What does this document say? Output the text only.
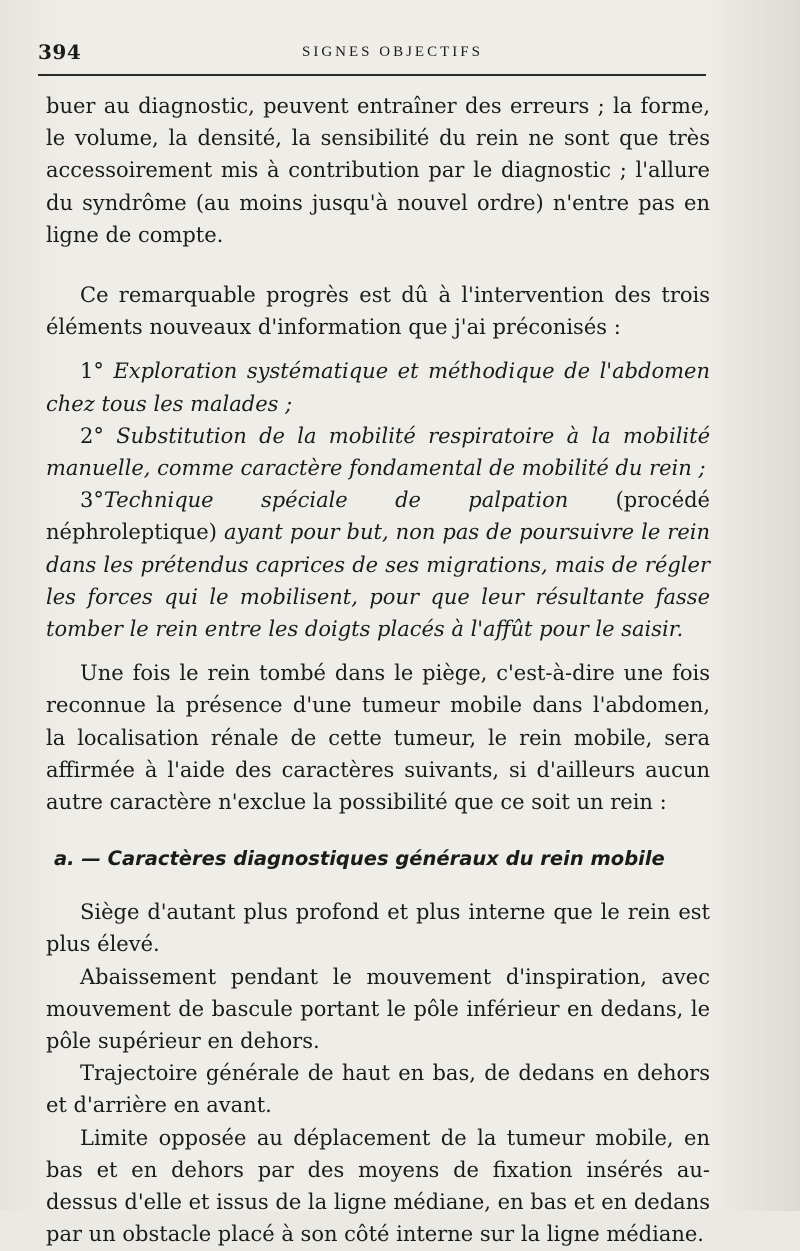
394	SIGNES OBJECTIFS

buer au diagnostic, peuvent entraîner des erreurs ; la forme, le volume, la densité, la sensibilité du rein ne sont que très accessoirement mis à contribution par le diagnostic ; l'allure du syndrôme (au moins jusqu'à nouvel ordre) n'entre pas en ligne de compte.

Ce remarquable progrès est dû à l'intervention des trois éléments nouveaux d'information que j'ai préconisés :

1° Exploration systématique et méthodique de l'abdomen chez tous les malades ;

2° Substitution de la mobilité respiratoire à la mobilité manuelle, comme caractère fondamental de mobilité du rein ;

3°Technique spéciale de palpation (procédé néphroleptique) ayant pour but, non pas de poursuivre le rein dans les prétendus caprices de ses migrations, mais de régler les forces qui le mobilisent, pour que leur résultante fasse tomber le rein entre les doigts placés à l'affût pour le saisir.

Une fois le rein tombé dans le piège, c'est-à-dire une fois reconnue la présence d'une tumeur mobile dans l'abdomen, la localisation rénale de cette tumeur, le rein mobile, sera affirmée à l'aide des caractères suivants, si d'ailleurs aucun autre caractère n'exclue la possibilité que ce soit un rein :

a. — Caractères diagnostiques généraux du rein mobile

Siège d'autant plus profond et plus interne que le rein est plus élevé.

Abaissement pendant le mouvement d'inspiration, avec mouvement de bascule portant le pôle inférieur en dedans, le pôle supérieur en dehors.

Trajectoire générale de haut en bas, de dedans en dehors et d'arrière en avant.

Limite opposée au déplacement de la tumeur mobile, en bas et en dehors par des moyens de fixation insérés au-dessus d'elle et issus de la ligne médiane, en bas et en dedans par un obstacle placé à son côté interne sur la ligne médiane.
